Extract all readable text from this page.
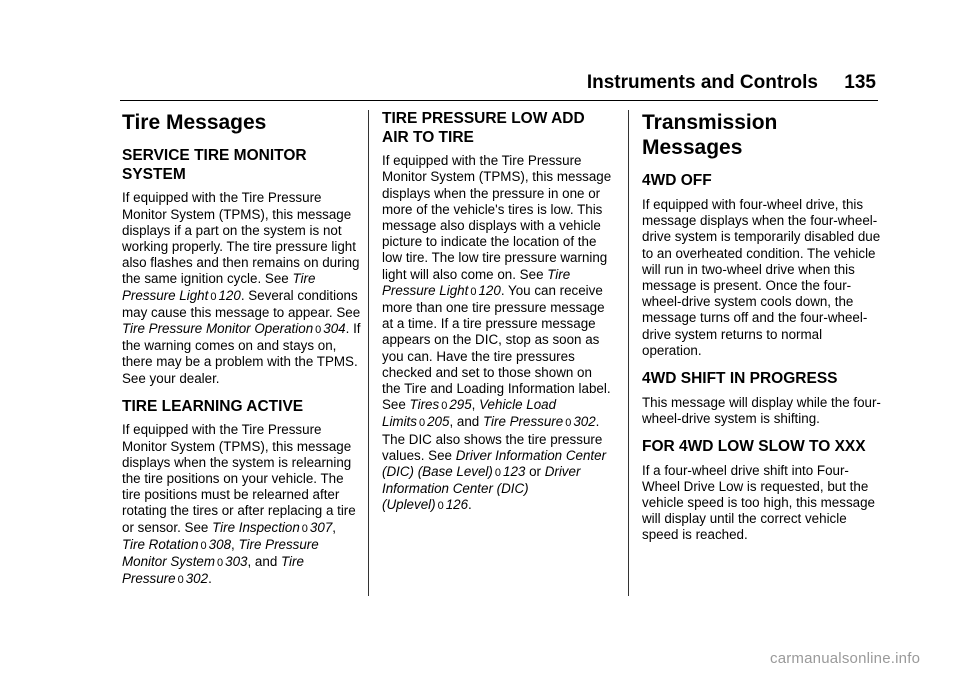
Instruments and Controls 135
Tire Messages
SERVICE TIRE MONITOR SYSTEM

If equipped with the Tire Pressure Monitor System (TPMS), this message displays if a part on the system is not working properly. The tire pressure light also flashes and then remains on during the same ignition cycle. See Tire Pressure Light 0 120. Several conditions may cause this message to appear. See Tire Pressure Monitor Operation 0 304. If the warning comes on and stays on, there may be a problem with the TPMS. See your dealer.

TIRE LEARNING ACTIVE

If equipped with the Tire Pressure Monitor System (TPMS), this message displays when the system is relearning the tire positions on your vehicle. The tire positions must be relearned after rotating the tires or after replacing a tire or sensor. See Tire Inspection 0 307, Tire Rotation 0 308, Tire Pressure Monitor System 0 303, and Tire Pressure 0 302.

TIRE PRESSURE LOW ADD AIR TO TIRE

If equipped with the Tire Pressure Monitor System (TPMS), this message displays when the pressure in one or more of the vehicle's tires is low. This message also displays with a vehicle picture to indicate the location of the low tire. The low tire pressure warning light will also come on. See Tire Pressure Light 0 120. You can receive more than one tire pressure message at a time. If a tire pressure message appears on the DIC, stop as soon as you can. Have the tire pressures checked and set to those shown on the Tire and Loading Information label. See Tires 0 295, Vehicle Load Limits 0 205, and Tire Pressure 0 302. The DIC also shows the tire pressure values. See Driver Information Center (DIC) (Base Level) 0 123 or Driver Information Center (DIC) (Uplevel) 0 126.

Transmission Messages
4WD OFF

If equipped with four-wheel drive, this message displays when the four-wheel-drive system is temporarily disabled due to an overheated condition. The vehicle will run in two-wheel drive when this message is present. Once the four-wheel-drive system cools down, the message turns off and the four-wheel-drive system returns to normal operation.

4WD SHIFT IN PROGRESS

This message will display while the four-wheel-drive system is shifting.

FOR 4WD LOW SLOW TO XXX

If a four-wheel drive shift into Four-Wheel Drive Low is requested, but the vehicle speed is too high, this message will display until the correct vehicle speed is reached.

carmanualsonline.info
